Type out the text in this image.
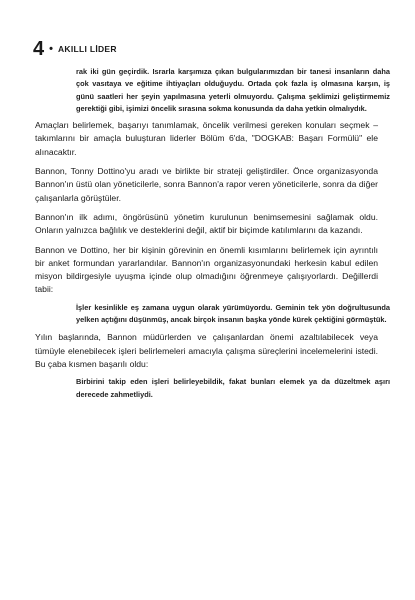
4 • AKILLI LİDER
rak iki gün geçirdik. Israrla karşımıza çıkan bulgularımızdan bir tanesi insanların daha çok vasıtaya ve eğitime ihtiyaçları olduğuydu. Ortada çok fazla iş olmasına karşın, iş günü saatleri her şeyin yapılmasına yeterli olmuyordu. Çalışma şeklimizi geliştirmemiz gerektiği gibi, işimizi öncelik sırasına sokma konusunda da daha yetkin olmalıydık.

Amaçları belirlemek, başarıyı tanımlamak, öncelik verilmesi gereken konuları seçmek – takımlarını bir amaçla buluşturan liderler Bölüm 6'da, "DOGKAB: Başarı Formülü" ele alınacaktır.

Bannon, Tonny Dottino'yu aradı ve birlikte bir strateji geliştirdiler. Önce organizasyonda Bannon'ın üstü olan yöneticilerle, sonra Bannon'a rapor veren yöneticilerle, sonra da diğer çalışanlarla görüştüler.

Bannon'ın ilk adımı, öngörüsünü yönetim kurulunun benimsemesini sağlamak oldu. Onların yalnızca bağlılık ve desteklerini değil, aktif bir biçimde katılımlarını da kazandı.

Bannon ve Dottino, her bir kişinin görevinin en önemli kısımlarını belirlemek için ayrıntılı bir anket formundan yararlandılar. Bannon'ın organizasyonundaki herkesin kabul edilen misyon bildirgesiyle uyuşma içinde olup olmadığını öğrenmeye çalışıyorlardı. Değillerdi tabii:

İşler kesinlikle eş zamana uygun olarak yürümüyordu. Geminin tek yön doğrultusunda yelken açtığını düşünmüş, ancak birçok insanın başka yönde kürek çektiğini görmüştük.

Yılın başlarında, Bannon müdürlerden ve çalışanlardan önemi azaltılabilecek veya tümüyle elenebilecek işleri belirlemeleri amacıyla çalışma süreçlerini incelemelerini istedi. Bu çaba kısmen başarılı oldu:

Birbirini takip eden işleri belirleyebildik, fakat bunları elemek ya da düzeltmek aşırı derecede zahmetliydi.
